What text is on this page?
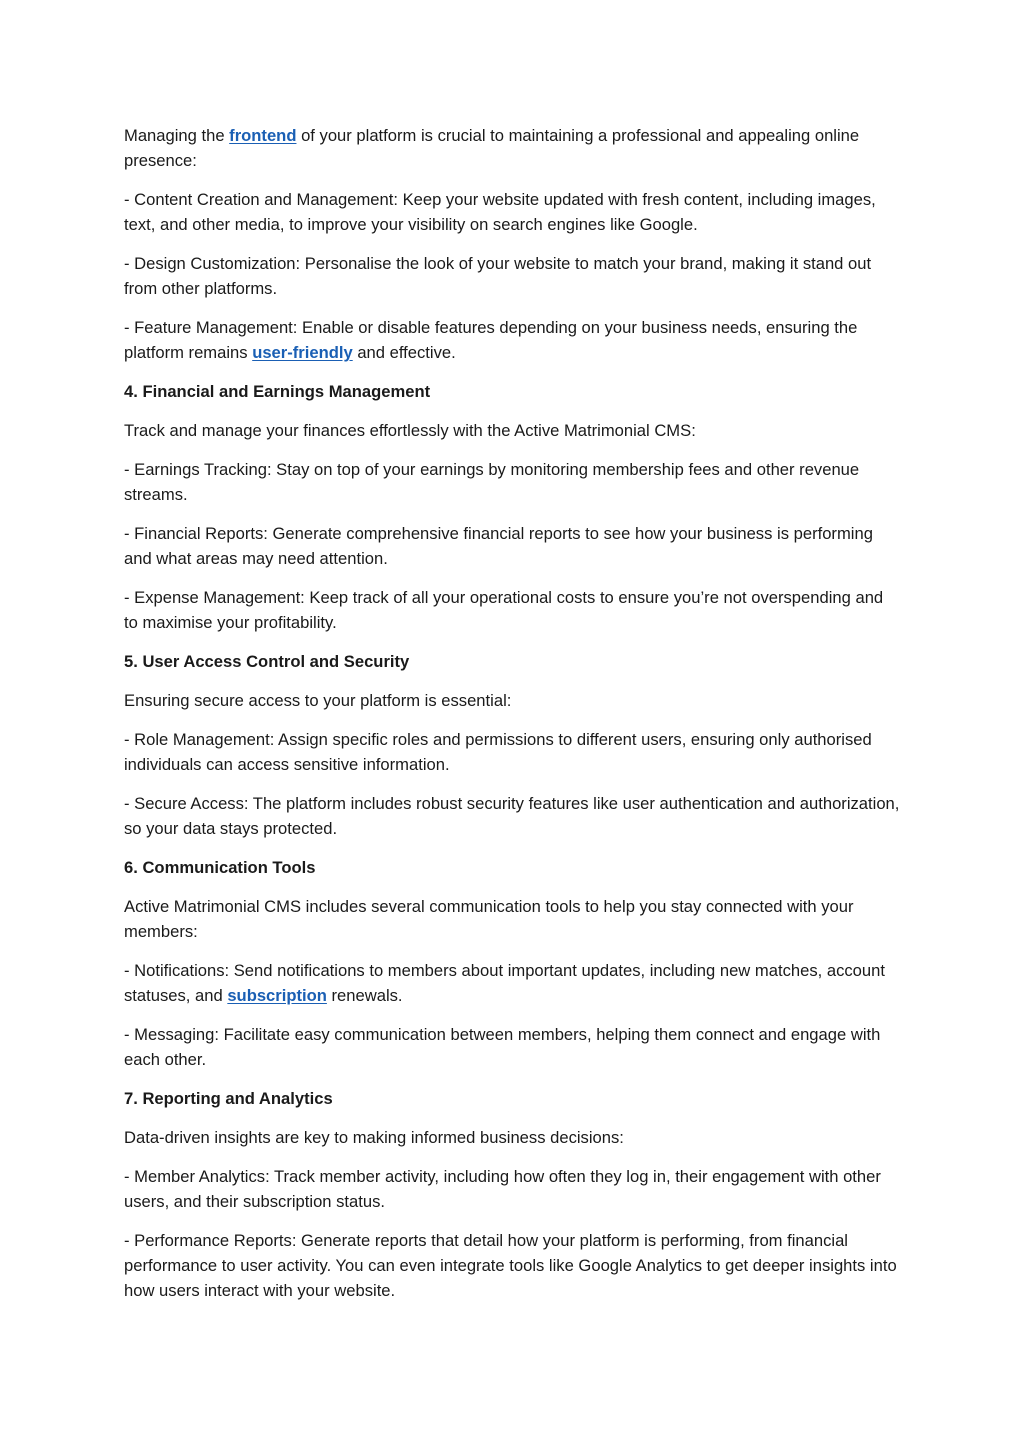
Managing the frontend of your platform is crucial to maintaining a professional and appealing online presence:

- Content Creation and Management: Keep your website updated with fresh content, including images, text, and other media, to improve your visibility on search engines like Google.

- Design Customization: Personalise the look of your website to match your brand, making it stand out from other platforms.

- Feature Management: Enable or disable features depending on your business needs, ensuring the platform remains user-friendly and effective.

4. Financial and Earnings Management

Track and manage your finances effortlessly with the Active Matrimonial CMS:

- Earnings Tracking: Stay on top of your earnings by monitoring membership fees and other revenue streams.

- Financial Reports: Generate comprehensive financial reports to see how your business is performing and what areas may need attention.

- Expense Management: Keep track of all your operational costs to ensure you’re not overspending and to maximise your profitability.

5. User Access Control and Security

Ensuring secure access to your platform is essential:

- Role Management: Assign specific roles and permissions to different users, ensuring only authorised individuals can access sensitive information.

- Secure Access: The platform includes robust security features like user authentication and authorization, so your data stays protected.

6. Communication Tools

Active Matrimonial CMS includes several communication tools to help you stay connected with your members:

- Notifications: Send notifications to members about important updates, including new matches, account statuses, and subscription renewals.

- Messaging: Facilitate easy communication between members, helping them connect and engage with each other.

7. Reporting and Analytics

Data-driven insights are key to making informed business decisions:

- Member Analytics: Track member activity, including how often they log in, their engagement with other users, and their subscription status.

- Performance Reports: Generate reports that detail how your platform is performing, from financial performance to user activity. You can even integrate tools like Google Analytics to get deeper insights into how users interact with your website.
